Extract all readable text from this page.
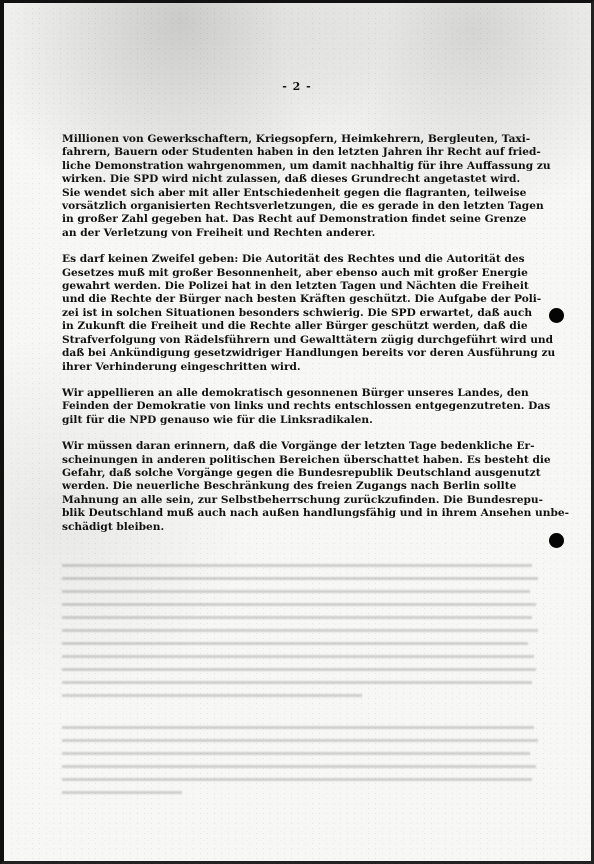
- 2 -

Millionen von Gewerkschaftern, Kriegsopfern, Heimkehrern, Bergleuten, Taxi-
fahrern, Bauern oder Studenten haben in den letzten Jahren ihr Recht auf fried-
liche Demonstration wahrgenommen, um damit nachhaltig für ihre Auffassung zu
wirken. Die SPD wird nicht zulassen, daß dieses Grundrecht angetastet wird.
Sie wendet sich aber mit aller Entschiedenheit gegen die flagranten, teilweise
vorsätzlich organisierten Rechtsverletzungen, die es gerade in den letzten Tagen
in großer Zahl gegeben hat. Das Recht auf Demonstration findet seine Grenze
an der Verletzung von Freiheit und Rechten anderer.

Es darf keinen Zweifel geben: Die Autorität des Rechtes und die Autorität des
Gesetzes muß mit großer Besonnenheit, aber ebenso auch mit großer Energie
gewahrt werden. Die Polizei hat in den letzten Tagen und Nächten die Freiheit
und die Rechte der Bürger nach besten Kräften geschützt. Die Aufgabe der Poli-
zei ist in solchen Situationen besonders schwierig. Die SPD erwartet, daß auch
in Zukunft die Freiheit und die Rechte aller Bürger geschützt werden, daß die
Strafverfolgung von Rädelsführern und Gewalttätern zügig durchgeführt wird und
daß bei Ankündigung gesetzwidriger Handlungen bereits vor deren Ausführung zu
ihrer Verhinderung eingeschritten wird.

Wir appellieren an alle demokratisch gesonnenen Bürger unseres Landes, den
Feinden der Demokratie von links und rechts entschlossen entgegenzutreten. Das
gilt für die NPD genauso wie für die Linksradikalen.

Wir müssen daran erinnern, daß die Vorgänge der letzten Tage bedenkliche Er-
scheinungen in anderen politischen Bereichen überschattet haben. Es besteht die
Gefahr, daß solche Vorgänge gegen die Bundesrepublik Deutschland ausgenutzt
werden. Die neuerliche Beschränkung des freien Zugangs nach Berlin sollte
Mahnung an alle sein, zur Selbstbeherrschung zurückzufinden. Die Bundesrepu-
blik Deutschland muß auch nach außen handlungsfähig und in ihrem Ansehen unbe-
schädigt bleiben.
